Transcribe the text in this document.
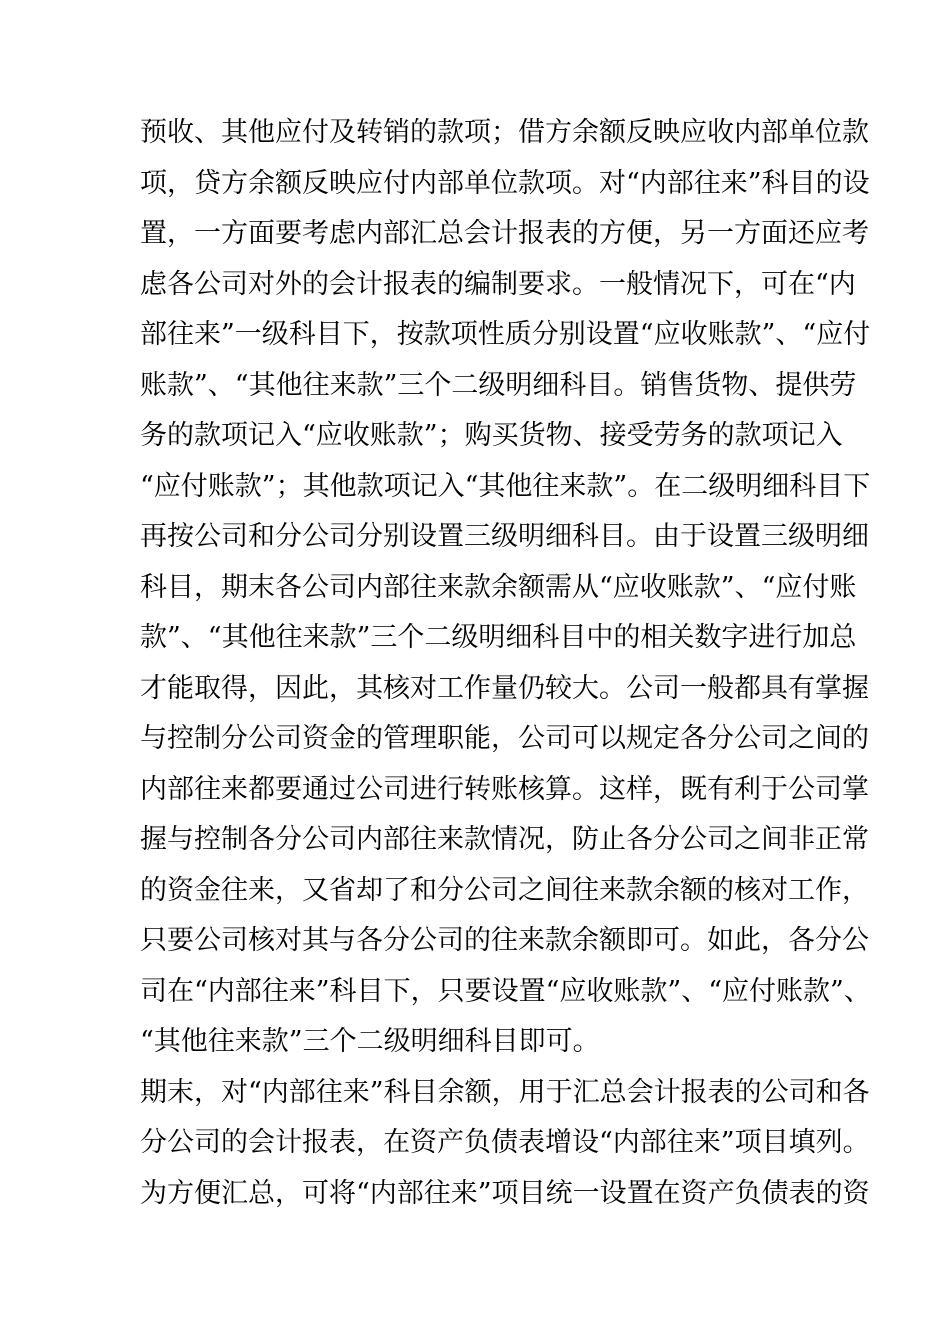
预收、其他应付及转销的款项；借方余额反映应收内部单位款
项，贷方余额反映应付内部单位款项。对“内部往来”科目的设
置，一方面要考虑内部汇总会计报表的方便，另一方面还应考
虑各公司对外的会计报表的编制要求。一般情况下，可在“内
部往来”一级科目下，按款项性质分别设置“应收账款”、“应付
账款”、“其他往来款”三个二级明细科目。销售货物、提供劳
务的款项记入“应收账款”；购买货物、接受劳务的款项记入
“应付账款”；其他款项记入“其他往来款”。在二级明细科目下
再按公司和分公司分别设置三级明细科目。由于设置三级明细
科目，期末各公司内部往来款余额需从“应收账款”、“应付账
款”、“其他往来款”三个二级明细科目中的相关数字进行加总
才能取得，因此，其核对工作量仍较大。公司一般都具有掌握
与控制分公司资金的管理职能，公司可以规定各分公司之间的
内部往来都要通过公司进行转账核算。这样，既有利于公司掌
握与控制各分公司内部往来款情况，防止各分公司之间非正常
的资金往来，又省却了和分公司之间往来款余额的核对工作，
只要公司核对其与各分公司的往来款余额即可。如此，各分公
司在“内部往来”科目下，只要设置“应收账款”、“应付账款”、
“其他往来款”三个二级明细科目即可。
期末，对“内部往来”科目余额，用于汇总会计报表的公司和各
分公司的会计报表，在资产负债表增设“内部往来”项目填列。
为方便汇总，可将“内部往来”项目统一设置在资产负债表的资
